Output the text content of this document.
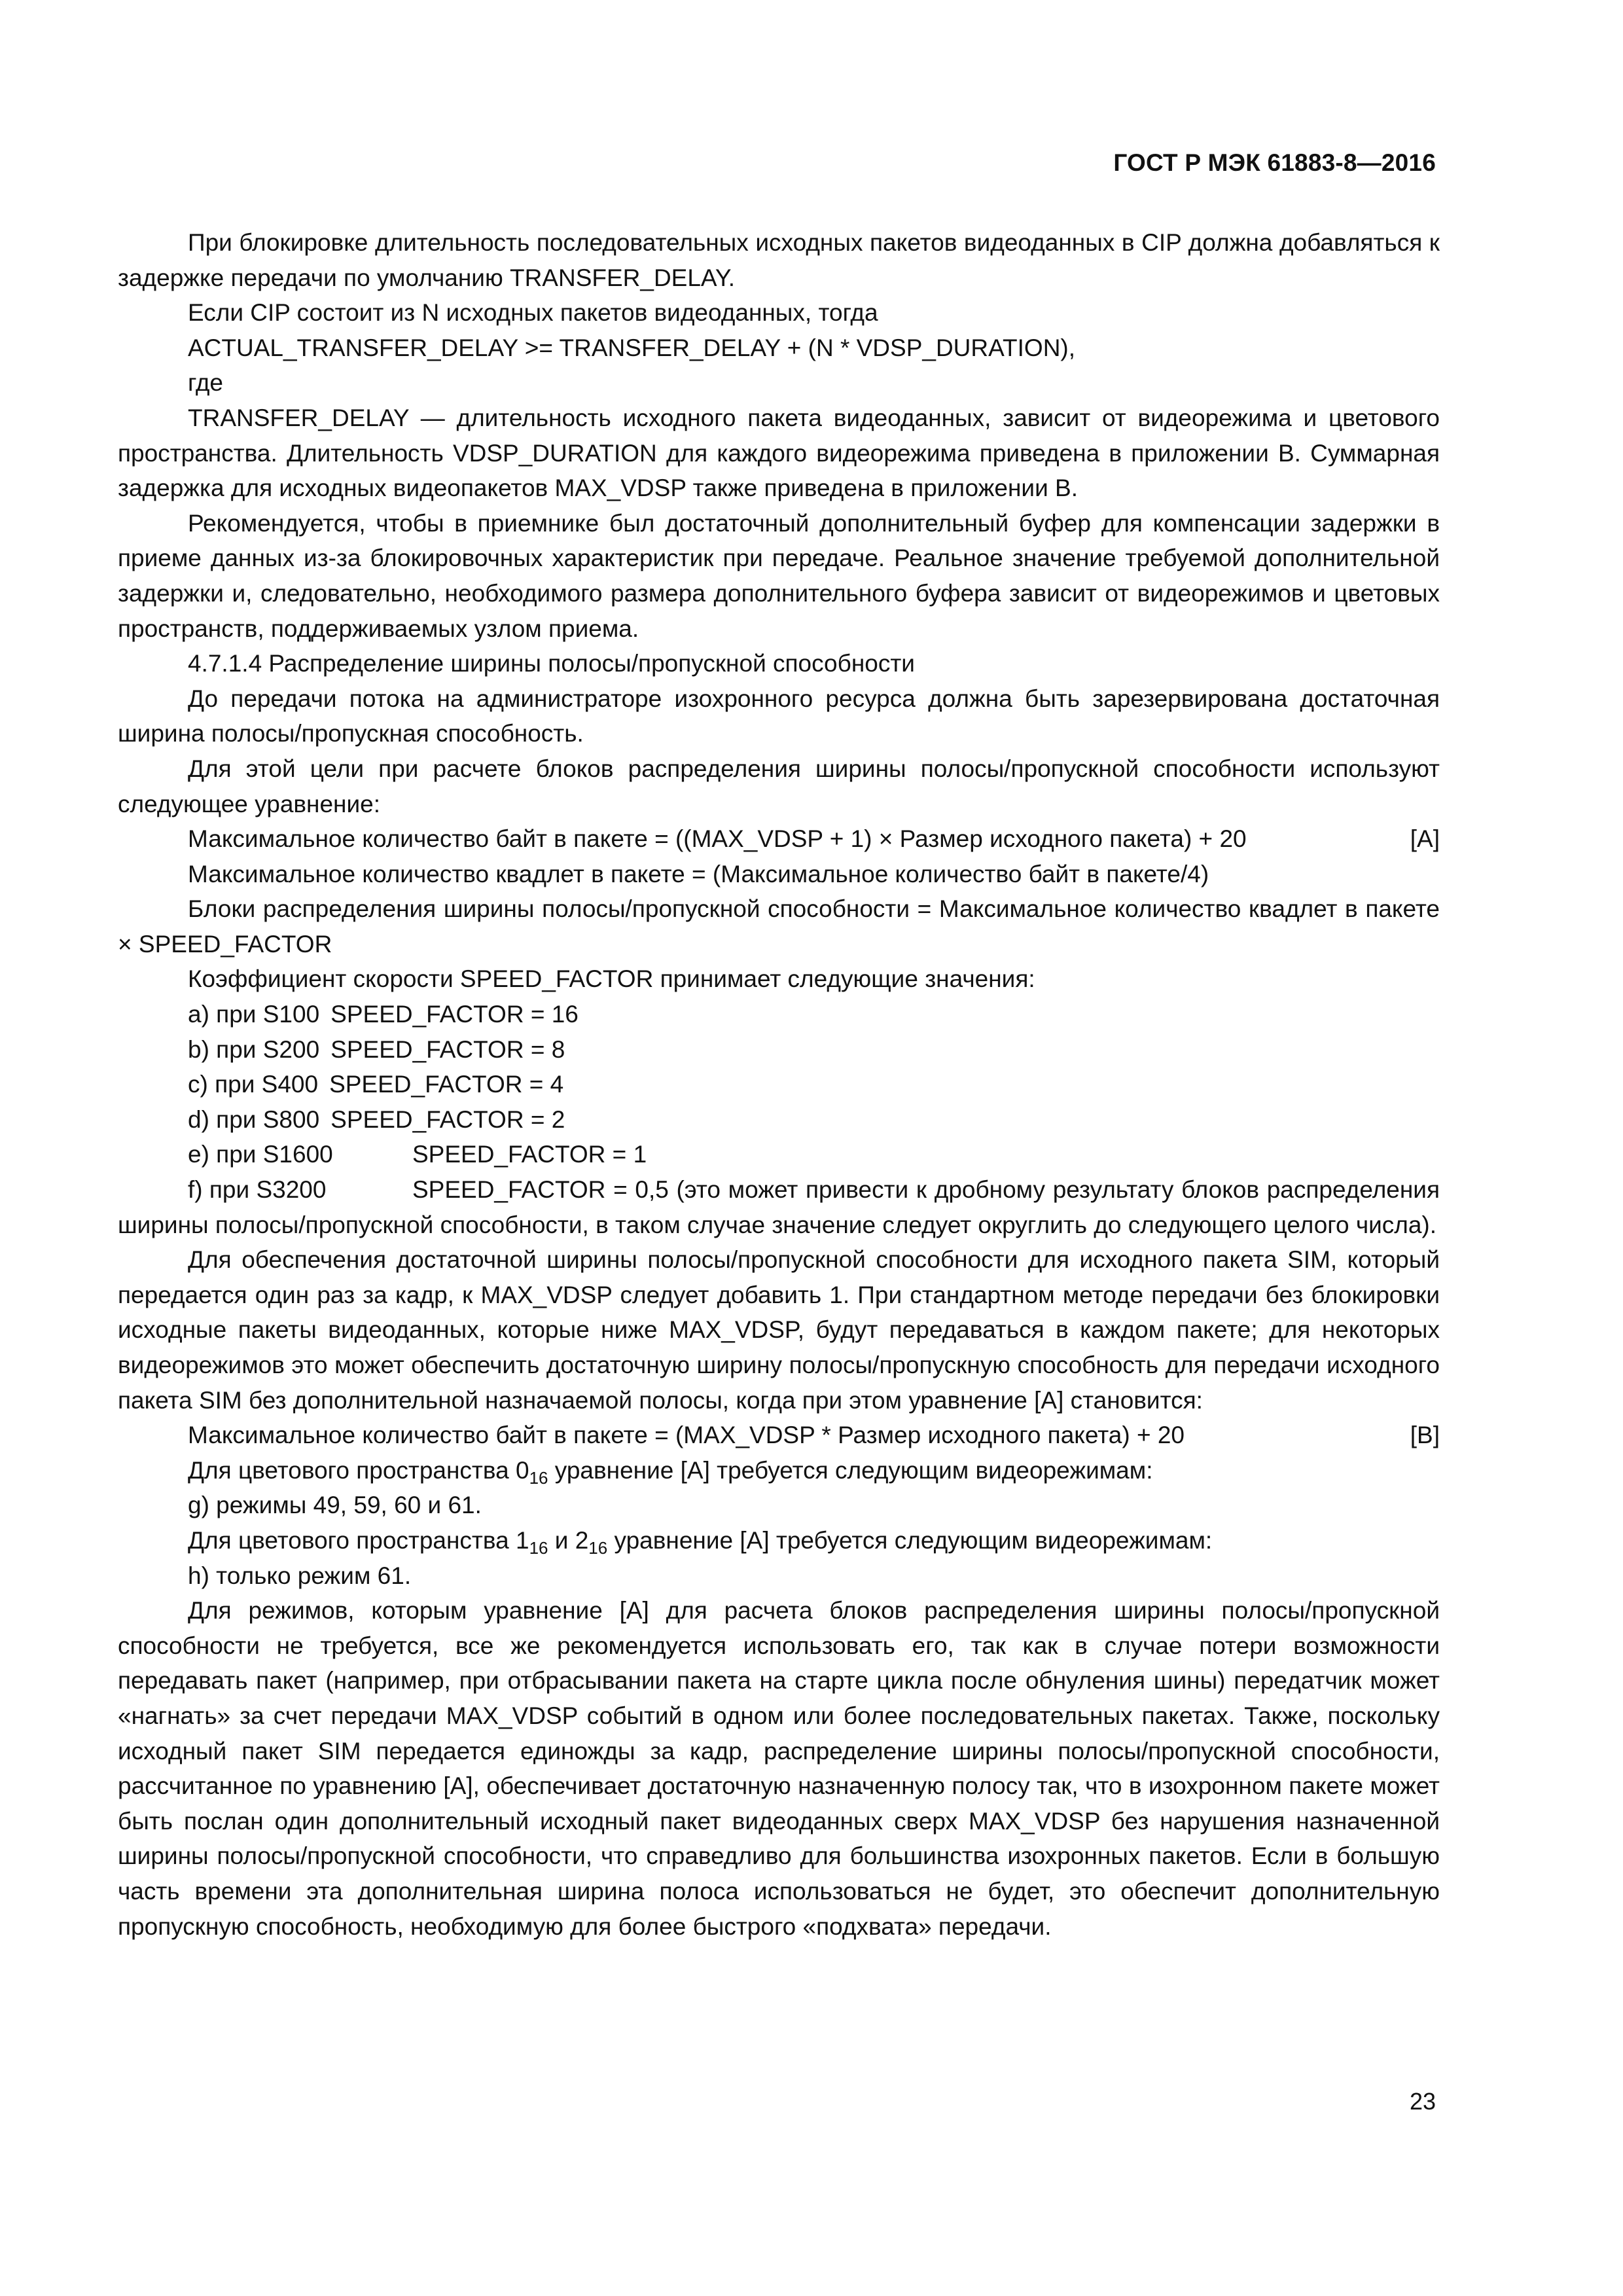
ГОСТ Р МЭК 61883-8—2016

При блокировке длительность последовательных исходных пакетов видеоданных в CIP должна добавляться к задержке передачи по умолчанию TRANSFER_DELAY.

Если CIP состоит из N исходных пакетов видеоданных, тогда

ACTUAL_TRANSFER_DELAY >= TRANSFER_DELAY + (N * VDSP_DURATION),

где

TRANSFER_DELAY — длительность исходного пакета видеоданных, зависит от видеорежима и цветового пространства. Длительность VDSP_DURATION для каждого видеорежима приведена в приложении В. Суммарная задержка для исходных видеопакетов MAX_VDSP также приведена в приложении В.

Рекомендуется, чтобы в приемнике был достаточный дополнительный буфер для компенсации задержки в приеме данных из-за блокировочных характеристик при передаче. Реальное значение требуемой дополнительной задержки и, следовательно, необходимого размера дополнительного буфера зависит от видеорежимов и цветовых пространств, поддерживаемых узлом приема.

4.7.1.4 Распределение ширины полосы/пропускной способности

До передачи потока на администраторе изохронного ресурса должна быть зарезервирована достаточная ширина полосы/пропускная способность.

Для этой цели при расчете блоков распределения ширины полосы/пропускной способности используют следующее уравнение:

Максимальное количество байт в пакете = ((MAX_VDSP + 1) × Размер исходного пакета) + 20	[A]

Максимальное количество квадлет в пакете = (Максимальное количество байт в пакете/4)

Блоки распределения ширины полосы/пропускной способности = Максимальное количество квадлет в пакете × SPEED_FACTOR

Коэффициент скорости SPEED_FACTOR принимает следующие значения:

а) при S100 SPEED_FACTOR = 16
b) при S200 SPEED_FACTOR = 8
c) при S400 SPEED_FACTOR = 4
d) при S800 SPEED_FACTOR = 2
e) при S1600	SPEED_FACTOR = 1

f) при S3200	SPEED_FACTOR = 0,5 (это может привести к дробному результату блоков распределения ширины полосы/пропускной способности, в таком случае значение следует округлить до следующего целого числа).

Для обеспечения достаточной ширины полосы/пропускной способности для исходного пакета SIM, который передается один раз за кадр, к MAX_VDSP следует добавить 1. При стандартном методе передачи без блокировки исходные пакеты видеоданных, которые ниже MAX_VDSP, будут передаваться в каждом пакете; для некоторых видеорежимов это может обеспечить достаточную ширину полосы/пропускную способность для передачи исходного пакета SIM без дополнительной назначаемой полосы, когда при этом уравнение [A] становится:

Максимальное количество байт в пакете = (MAX_VDSP * Размер исходного пакета) + 20	[B]

Для цветового пространства $0_{16}$ уравнение [A] требуется следующим видеорежимам:

g) режимы 49, 59, 60 и 61.

Для цветового пространства $1_{16}$ и $2_{16}$ уравнение [A] требуется следующим видеорежимам:

h) только режим 61.

Для режимов, которым уравнение [A] для расчета блоков распределения ширины полосы/пропускной способности не требуется, все же рекомендуется использовать его, так как в случае потери возможности передавать пакет (например, при отбрасывании пакета на старте цикла после обнуления шины) передатчик может «нагнать» за счет передачи MAX_VDSP событий в одном или более последовательных пакетах. Также, поскольку исходный пакет SIM передается единожды за кадр, распределение ширины полосы/пропускной способности, рассчитанное по уравнению [A], обеспечивает достаточную назначенную полосу так, что в изохронном пакете может быть послан один дополнительный исходный пакет видеоданных сверх MAX_VDSP без нарушения назначенной ширины полосы/пропускной способности, что справедливо для большинства изохронных пакетов. Если в большую часть времени эта дополнительная ширина полоса использоваться не будет, это обеспечит дополнительную пропускную способность, необходимую для более быстрого «подхвата» передачи.

23
